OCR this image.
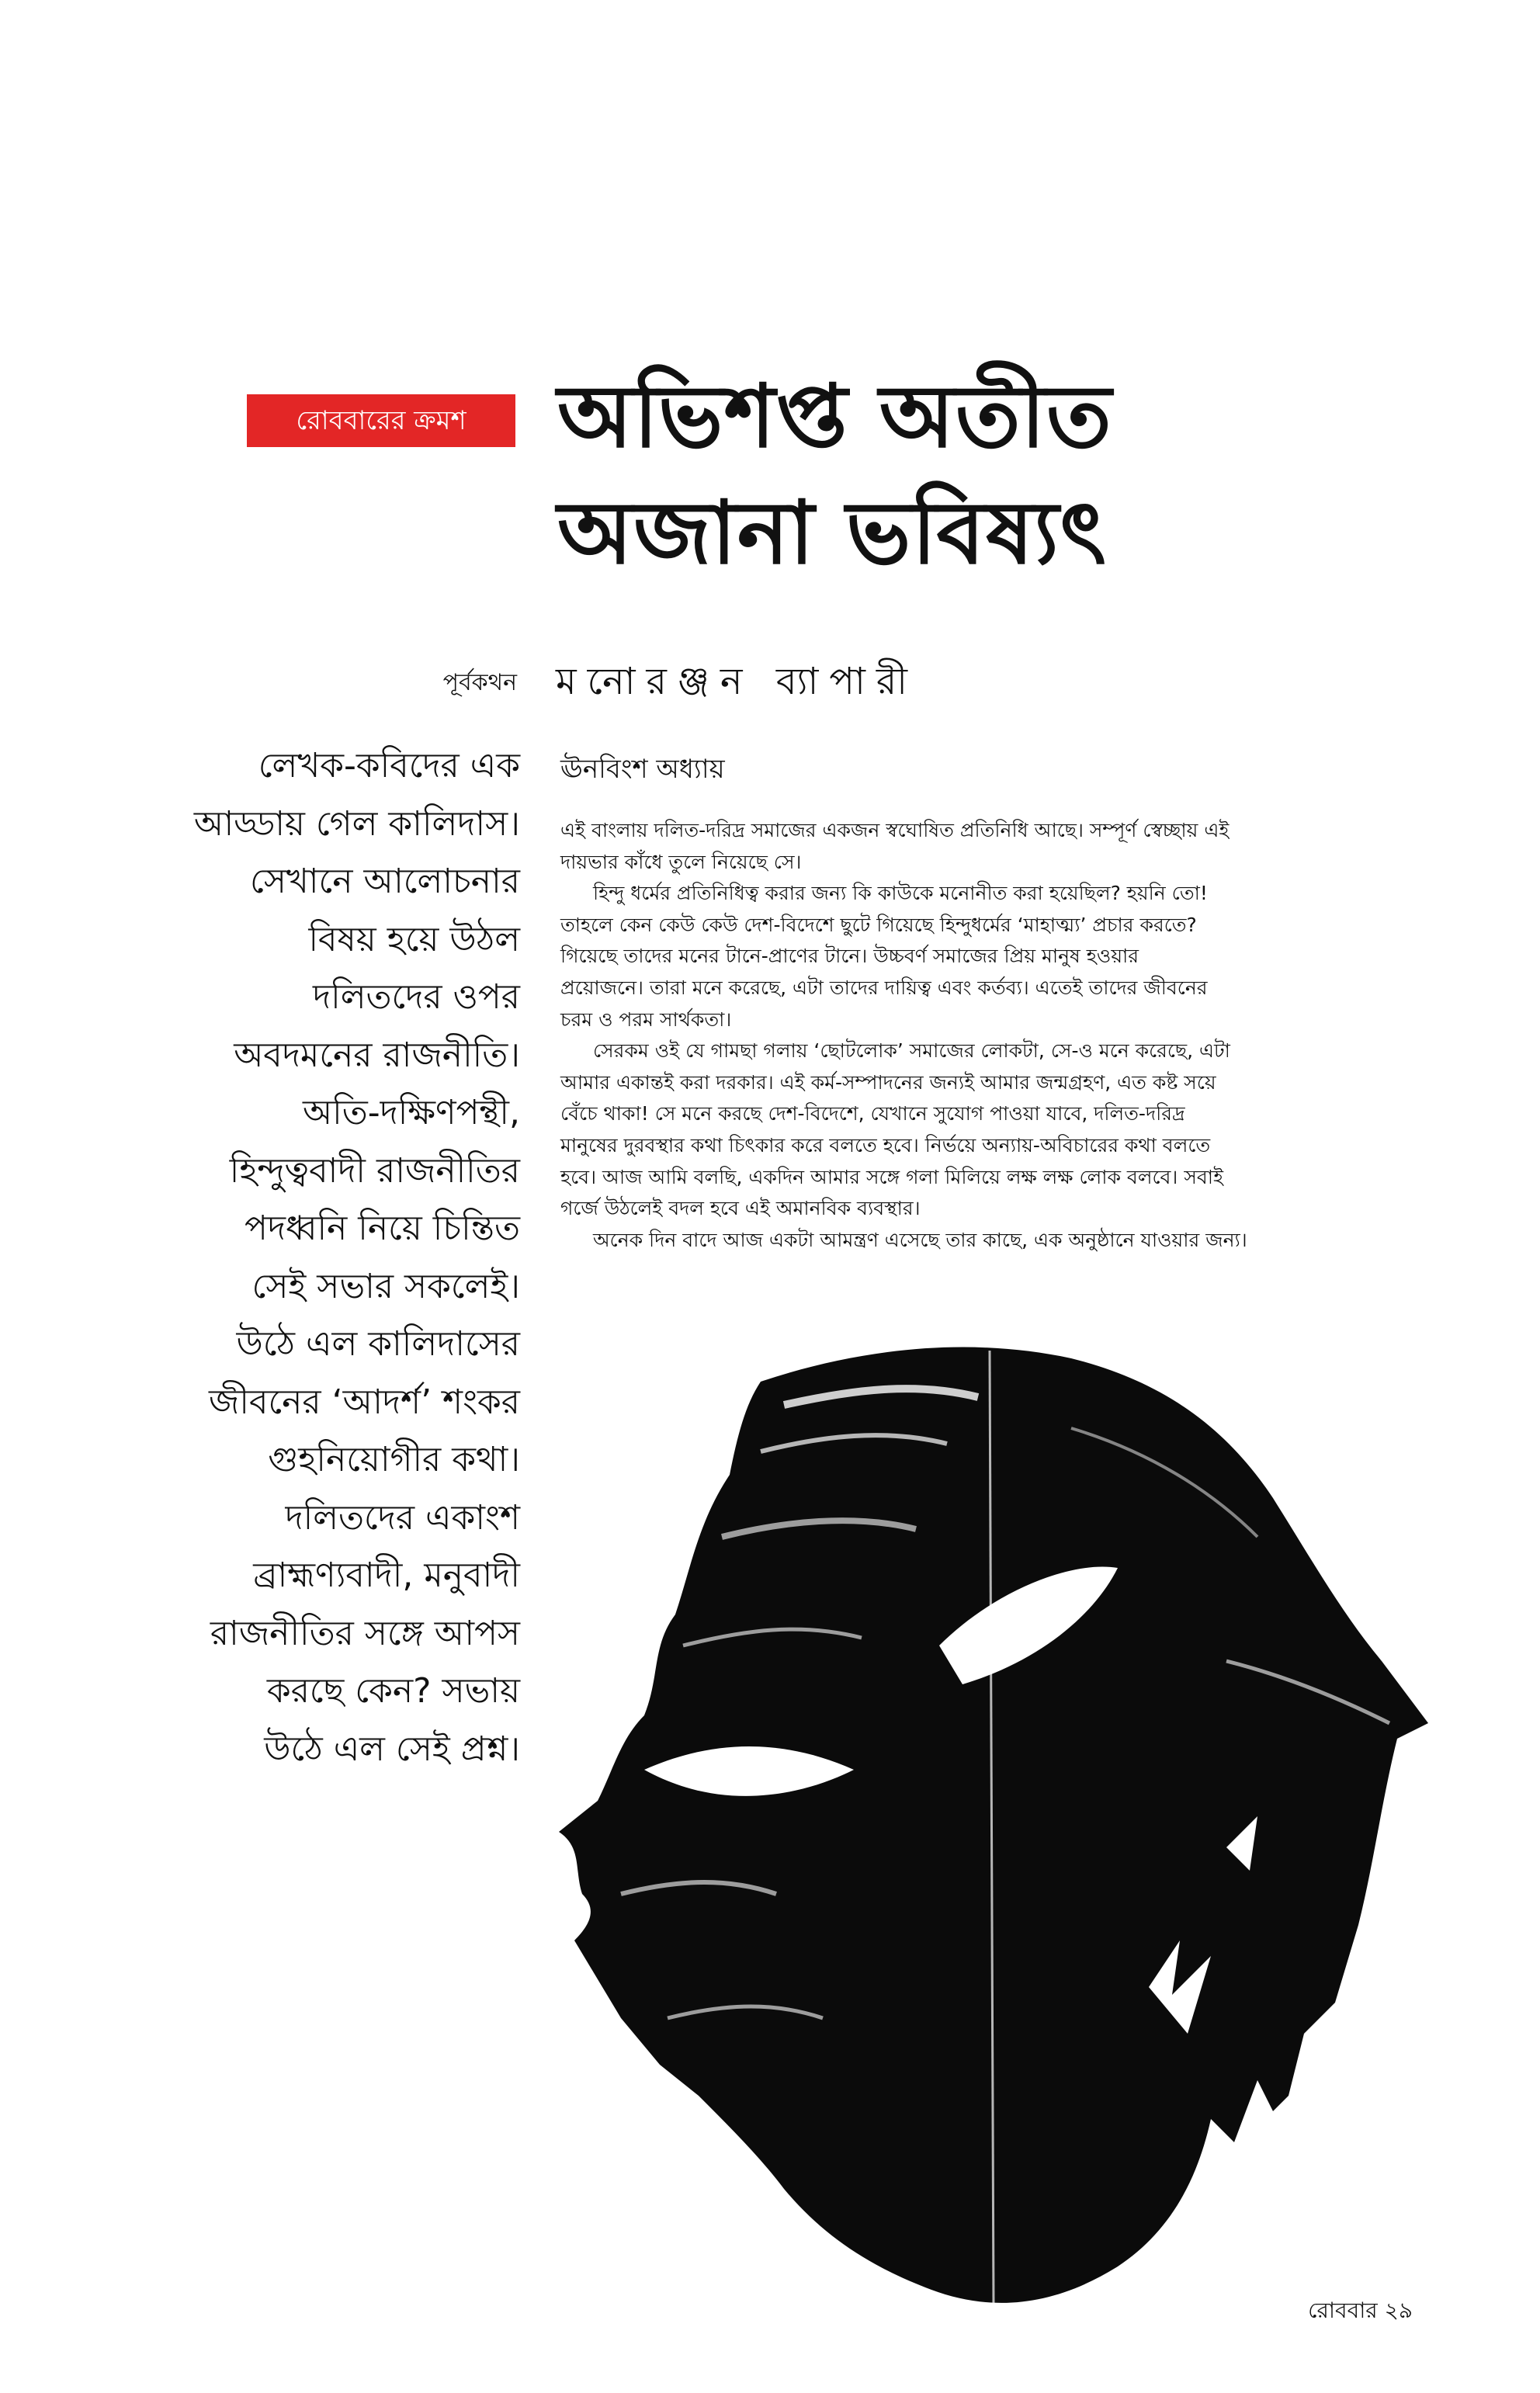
রোববারের ক্রমশ	অভিশপ্ত অতীত
অজানা ভবিষ্যৎ
পূর্বকথন মনোরঞ্জন ব্যাপারী
লেখক-কবিদের এক
আড্ডায় গেল কালিদাস।
সেখানে আলোচনার
বিষয় হয়ে উঠল
দলিতদের ওপর
অবদমনের রাজনীতি।
অতি-দক্ষিণপন্থী,
হিন্দুত্ববাদী রাজনীতির
পদধ্বনি নিয়ে চিন্তিত
সেই সভার সকলেই।
উঠে এল কালিদাসের
জীবনের ‘আদর্শ’ শংকর
গুহনিয়োগীর কথা।
দলিতদের একাংশ
ব্রাহ্মণ্যবাদী, মনুবাদী
রাজনীতির সঙ্গে আপস
করছে কেন? সভায়
উঠে এল সেই প্রশ্ন।
ঊনবিংশ অধ্যায়

এই বাংলায় দলিত-দরিদ্র সমাজের একজন স্বঘোষিত প্রতিনিধি আছে। সম্পূর্ণ স্বেচ্ছায় এই

দায়ভার কাঁধে তুলে নিয়েছে সে।

হিন্দু ধর্মের প্রতিনিধিত্ব করার জন্য কি কাউকে মনোনীত করা হয়েছিল? হয়নি তো!

তাহলে কেন কেউ কেউ দেশ-বিদেশে ছুটে গিয়েছে হিন্দুধর্মের ‘মাহাত্ম্য’ প্রচার করতে?

গিয়েছে তাদের মনের টানে-প্রাণের টানে। উচ্চবর্ণ সমাজের প্রিয় মানুষ হওয়ার

প্রয়োজনে। তারা মনে করেছে, এটা তাদের দায়িত্ব এবং কর্তব্য। এতেই তাদের জীবনের

চরম ও পরম সার্থকতা।

সেরকম ওই যে গামছা গলায় ‘ছোটলোক’ সমাজের লোকটা, সে-ও মনে করেছে, এটা

আমার একান্তই করা দরকার। এই কর্ম-সম্পাদনের জন্যই আমার জন্মগ্রহণ, এত কষ্ট সয়ে

বেঁচে থাকা! সে মনে করছে দেশ-বিদেশে, যেখানে সুযোগ পাওয়া যাবে, দলিত-দরিদ্র

মানুষের দুরবস্থার কথা চিৎকার করে বলতে হবে। নির্ভয়ে অন্যায়-অবিচারের কথা বলতে

হবে। আজ আমি বলছি, একদিন আমার সঙ্গে গলা মিলিয়ে লক্ষ লক্ষ লোক বলবে। সবাই

গর্জে উঠলেই বদল হবে এই অমানবিক ব্যবস্থার।

অনেক দিন বাদে আজ একটা আমন্ত্রণ এসেছে তার কাছে, এক অনুষ্ঠানে যাওয়ার জন্য।

রোববার ২৯
